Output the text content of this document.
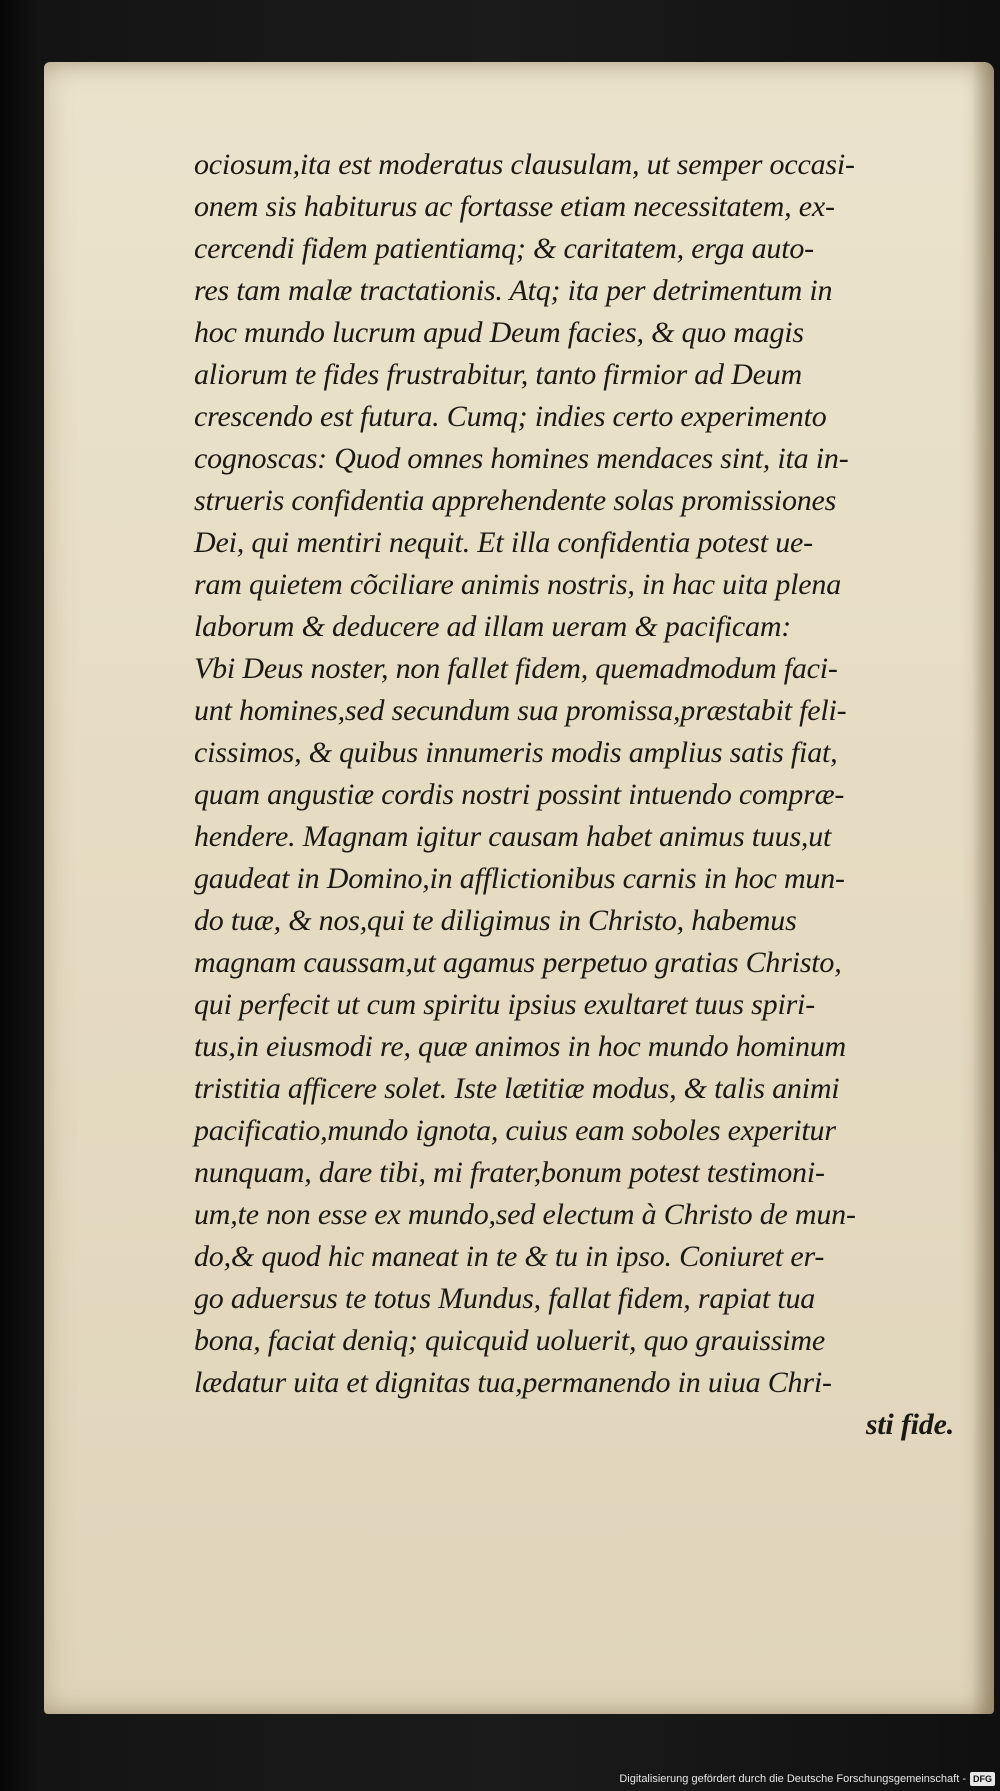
ociosum,ita est moderatus clausulam, ut semper occasi-
onem sis habiturus ac fortasse etiam necessitatem, ex-
cercendi fidem patientiamq; & caritatem, erga auto-
res tam malæ tractationis. Atq; ita per detrimentum in
hoc mundo lucrum apud Deum facies, & quo magis
aliorum te fides frustrabitur, tanto firmior ad Deum
crescendo est futura. Cumq; indies certo experimento
cognoscas: Quod omnes homines mendaces sint, ita in-
strueris confidentia apprehendente solas promissiones
Dei, qui mentiri nequit. Et illa confidentia potest ue-
ram quietem cõciliare animis nostris, in hac uita plena
laborum & deducere ad illam ueram & pacificam:
Vbi Deus noster, non fallet fidem, quemadmodum faci-
unt homines,sed secundum sua promissa,præstabit feli-
cissimos, & quibus innumeris modis amplius satis fiat,
quam angustiæ cordis nostri possint intuendo compræ-
hendere. Magnam igitur causam habet animus tuus,ut
gaudeat in Domino,in afflictionibus carnis in hoc mun-
do tuæ, & nos,qui te diligimus in Christo, habemus
magnam caussam,ut agamus perpetuo gratias Christo,
qui perfecit ut cum spiritu ipsius exultaret tuus spiri-
tus,in eiusmodi re, quæ animos in hoc mundo hominum
tristitia afficere solet. Iste lætitiæ modus, & talis animi
pacificatio,mundo ignota, cuius eam soboles experitur
nunquam, dare tibi, mi frater,bonum potest testimoni-
um,te non esse ex mundo,sed electum à Christo de mun-
do,& quod hic maneat in te & tu in ipso. Coniuret er-
go aduersus te totus Mundus, fallat fidem, rapiat tua
bona, faciat deniq; quicquid uoluerit, quo grauissime
lædatur uita et dignitas tua,permanendo in uiua Chri-
sti fide.
Digitalisierung gefördert durch die Deutsche Forschungsgemeinschaft - DFG
